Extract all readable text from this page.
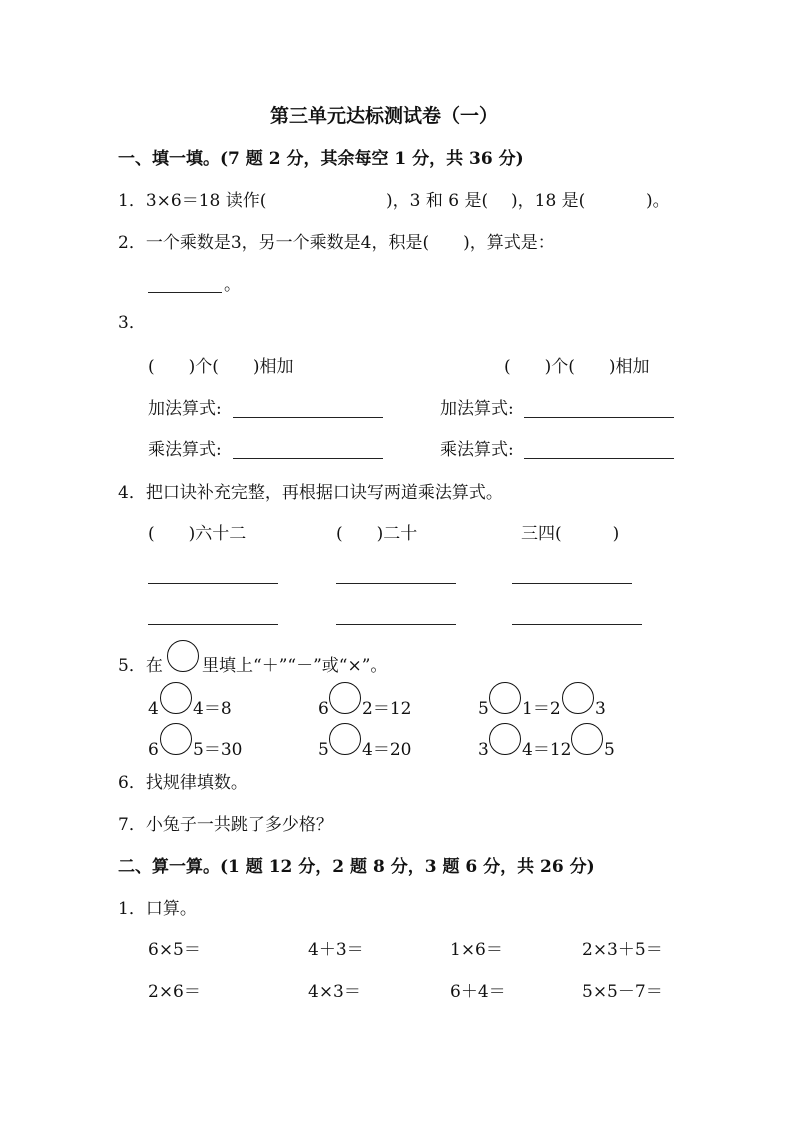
第三单元达标测试卷（一）
一、填一填。(7 题 2 分，其余每空 1 分，共 36 分)
1．3×6＝18 读作(	)，3 和 6 是( )，18 是(	)。
2．一个乘数是3，另一个乘数是4，积是(　　)，算式是：
。
3．
(　　)个(　　)相加	(　　)个(　　)相加
加法算式:	加法算式:
乘法算式:	乘法算式:
4．把口诀补充完整，再根据口诀写两道乘法算式。
(　　)六十二	(　　)二十	三四(　　　)
5．在 里填上“＋”“－”或“×”。
4 4＝8	6 2＝12	5 1＝2 3
6 5＝30	5 4＝20	3 4＝12 5
6．找规律填数。
7．小兔子一共跳了多少格？
二、算一算。(1 题 12 分，2 题 8 分，3 题 6 分，共 26 分)
1．口算。
6×5＝	4＋3＝	1×6＝	2×3＋5＝
2×6＝	4×3＝	6＋4＝	5×5－7＝
